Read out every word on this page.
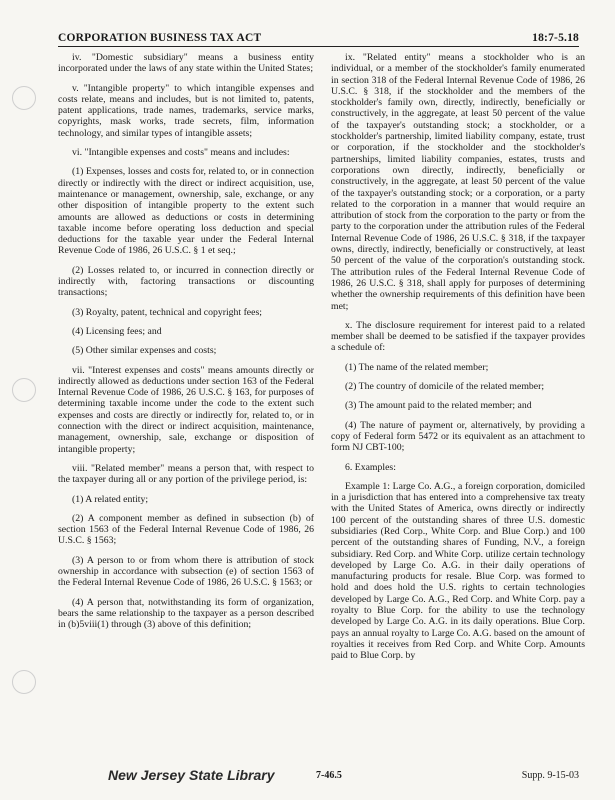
CORPORATION BUSINESS TAX ACT	18:7-5.18

iv. "Domestic subsidiary" means a business entity incorporated under the laws of any state within the United States;

v. "Intangible property" to which intangible expenses and costs relate, means and includes, but is not limited to, patents, patent applications, trade names, trademarks, service marks, copyrights, mask works, trade secrets, film, information technology, and similar types of intangible assets;

vi. "Intangible expenses and costs" means and includes:

(1) Expenses, losses and costs for, related to, or in connection directly or indirectly with the direct or indirect acquisition, use, maintenance or management, ownership, sale, exchange, or any other disposition of intangible property to the extent such amounts are allowed as deductions or costs in determining taxable income before operating loss deduction and special deductions for the taxable year under the Federal Internal Revenue Code of 1986, 26 U.S.C. § 1 et seq.;

(2) Losses related to, or incurred in connection directly or indirectly with, factoring transactions or discounting transactions;

(3) Royalty, patent, technical and copyright fees;

(4) Licensing fees; and

(5) Other similar expenses and costs;

vii. "Interest expenses and costs" means amounts directly or indirectly allowed as deductions under section 163 of the Federal Internal Revenue Code of 1986, 26 U.S.C. § 163, for purposes of determining taxable income under the code to the extent such expenses and costs are directly or indirectly for, related to, or in connection with the direct or indirect acquisition, maintenance, management, ownership, sale, exchange or disposition of intangible property;

viii. "Related member" means a person that, with respect to the taxpayer during all or any portion of the privilege period, is:

(1) A related entity;

(2) A component member as defined in subsection (b) of section 1563 of the Federal Internal Revenue Code of 1986, 26 U.S.C. § 1563;

(3) A person to or from whom there is attribution of stock ownership in accordance with subsection (e) of section 1563 of the Federal Internal Revenue Code of 1986, 26 U.S.C. § 1563; or

(4) A person that, notwithstanding its form of organization, bears the same relationship to the taxpayer as a person described in (b)5viii(1) through (3) above of this definition;

ix. "Related entity" means a stockholder who is an individual, or a member of the stockholder's family enumerated in section 318 of the Federal Internal Revenue Code of 1986, 26 U.S.C. § 318, if the stockholder and the members of the stockholder's family own, directly, indirectly, beneficially or constructively, in the aggregate, at least 50 percent of the value of the taxpayer's outstanding stock; a stockholder, or a stockholder's partnership, limited liability company, estate, trust or corporation, if the stockholder and the stockholder's partnerships, limited liability companies, estates, trusts and corporations own directly, indirectly, beneficially or constructively, in the aggregate, at least 50 percent of the value of the taxpayer's outstanding stock; or a corporation, or a party related to the corporation in a manner that would require an attribution of stock from the corporation to the party or from the party to the corporation under the attribution rules of the Federal Internal Revenue Code of 1986, 26 U.S.C. § 318, if the taxpayer owns, directly, indirectly, beneficially or constructively, at least 50 percent of the value of the corporation's outstanding stock. The attribution rules of the Federal Internal Revenue Code of 1986, 26 U.S.C. § 318, shall apply for purposes of determining whether the ownership requirements of this definition have been met;

x. The disclosure requirement for interest paid to a related member shall be deemed to be satisfied if the taxpayer provides a schedule of:

(1) The name of the related member;

(2) The country of domicile of the related member;

(3) The amount paid to the related member; and

(4) The nature of payment or, alternatively, by providing a copy of Federal form 5472 or its equivalent as an attachment to form NJ CBT-100;

6. Examples:

Example 1: Large Co. A.G., a foreign corporation, domiciled in a jurisdiction that has entered into a comprehensive tax treaty with the United States of America, owns directly or indirectly 100 percent of the outstanding shares of three U.S. domestic subsidiaries (Red Corp., White Corp. and Blue Corp.) and 100 percent of the outstanding shares of Funding, N.V., a foreign subsidiary. Red Corp. and White Corp. utilize certain technology developed by Large Co. A.G. in their daily operations of manufacturing products for resale. Blue Corp. was formed to hold and does hold the U.S. rights to certain technologies developed by Large Co. A.G., Red Corp. and White Corp. pay a royalty to Blue Corp. for the ability to use the technology developed by Large Co. A.G. in its daily operations. Blue Corp. pays an annual royalty to Large Co. A.G. based on the amount of royalties it receives from Red Corp. and White Corp. Amounts paid to Blue Corp. by

New Jersey State Library	7-46.5	Supp. 9-15-03
